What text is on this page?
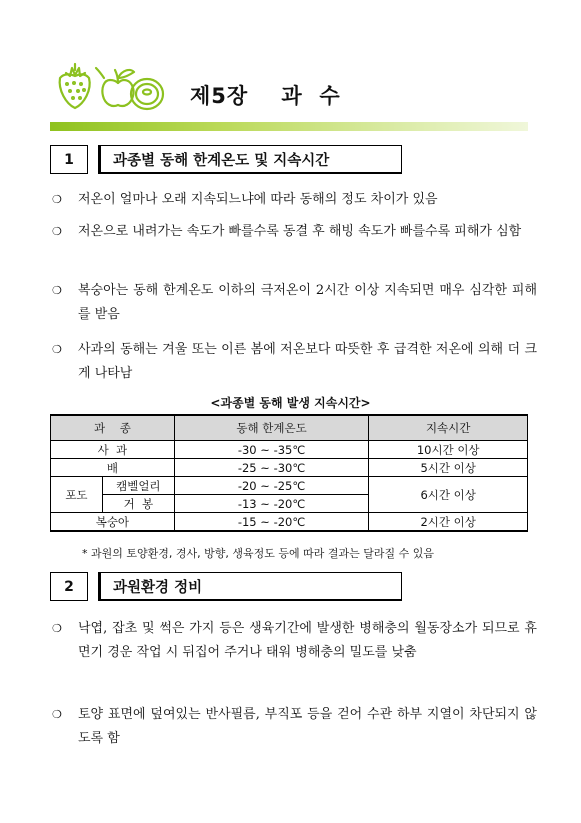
제5장    과  수
1	과종별 동해 한계온도 및 지속시간
❍ 저온이 얼마나 오래 지속되느냐에 따라 동해의 정도 차이가 있음
❍ 저온으로 내려가는 속도가 빠를수록 동결 후 해빙 속도가 빠를수록 피해가 심함
❍ 복숭아는 동해 한계온도 이하의 극저온이 2시간 이상 지속되면 매우 심각한 피해를 받음
❍ 사과의 동해는 겨울 또는 이른 봄에 저온보다 따뜻한 후 급격한 저온에 의해 더 크게 나타남
<과종별 동해 발생 지속시간>
과    종		동해 한계온도	지속시간
사  과		-30 ~ -35℃	10시간 이상
배		-25 ~ -30℃	5시간 이상
포도	캠벨얼리	-20 ~ -25℃	6시간 이상
	거  봉	-13 ~ -20℃	
복숭아		-15 ~ -20℃	2시간 이상
* 과원의 토양환경, 경사, 방향, 생육정도 등에 따라 결과는 달라질 수 있음
2	과원환경 정비
❍ 낙엽, 잡초 및 썩은 가지 등은 생육기간에 발생한 병해충의 월동장소가 되므로 휴면기 경운 작업 시 뒤집어 주거나 태워 병해충의 밀도를 낮춤
❍ 토양 표면에 덮여있는 반사필름, 부직포 등을 걷어 수관 하부 지열이 차단되지 않도록 함
